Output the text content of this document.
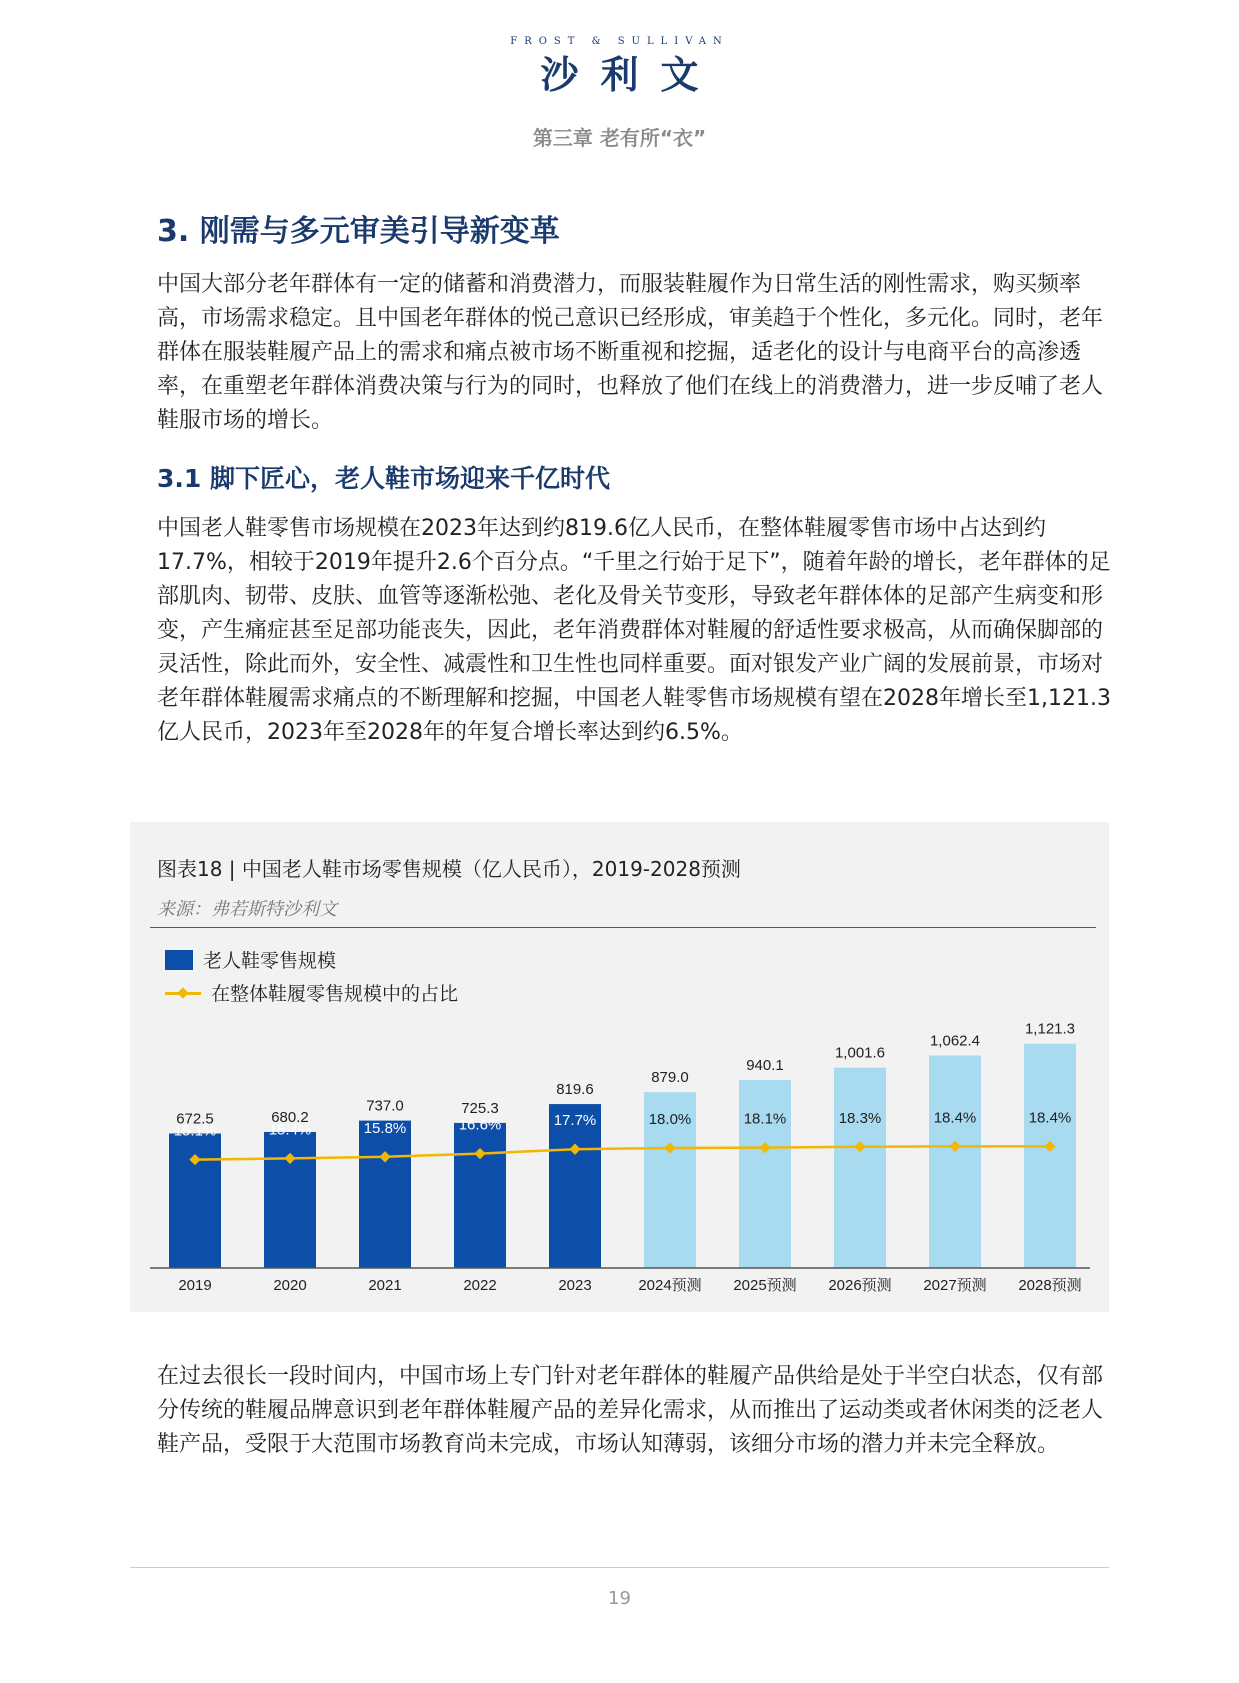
FROST & SULLIVAN
沙利文
第三章 老有所“衣”
3. 刚需与多元审美引导新变革

中国大部分老年群体有一定的储蓄和消费潜力，而服装鞋履作为日常生活的刚性需求，购买频率高，市场需求稳定。且中国老年群体的悦己意识已经形成，审美趋于个性化，多元化。同时，老年群体在服装鞋履产品上的需求和痛点被市场不断重视和挖掘，适老化的设计与电商平台的高渗透率，在重塑老年群体消费决策与行为的同时，也释放了他们在线上的消费潜力，进一步反哺了老人鞋服市场的增长。

3.1 脚下匠心，老人鞋市场迎来千亿时代

中国老人鞋零售市场规模在2023年达到约819.6亿人民币，在整体鞋履零售市场中占达到约17.7%，相较于2019年提升2.6个百分点。“千里之行始于足下”，随着年龄的增长，老年群体的足部肌肉、韧带、皮肤、血管等逐渐松弛、老化及骨关节变形，导致老年群体体的足部产生病变和形变，产生痛症甚至足部功能丧失，因此，老年消费群体对鞋履的舒适性要求极高，从而确保脚部的灵活性，除此而外，安全性、减震性和卫生性也同样重要。面对银发产业广阔的发展前景，市场对老年群体鞋履需求痛点的不断理解和挖掘，中国老人鞋零售市场规模有望在2028年增长至1,121.3亿人民币，2023年至2028年的年复合增长率达到约6.5%。

图表18 | 中国老人鞋市场零售规模（亿人民币），2019-2028预测
来源：弗若斯特沙利文
老人鞋零售规模
在整体鞋履零售规模中的占比
672.5
2019
680.2
2020
737.0
2021
725.3
2022
819.6
2023
879.0
2024预测
940.1
2025预测
1,001.6
2026预测
1,062.4
2027预测
1,121.3
2028预测
15.1%	15.4%	15.8%	16.6%	17.7%	18.0%	18.1%	18.3%	18.4%	18.4%

在过去很长一段时间内，中国市场上专门针对老年群体的鞋履产品供给是处于半空白状态，仅有部分传统的鞋履品牌意识到老年群体鞋履产品的差异化需求，从而推出了运动类或者休闲类的泛老人鞋产品，受限于大范围市场教育尚未完成，市场认知薄弱，该细分市场的潜力并未完全释放。

19
